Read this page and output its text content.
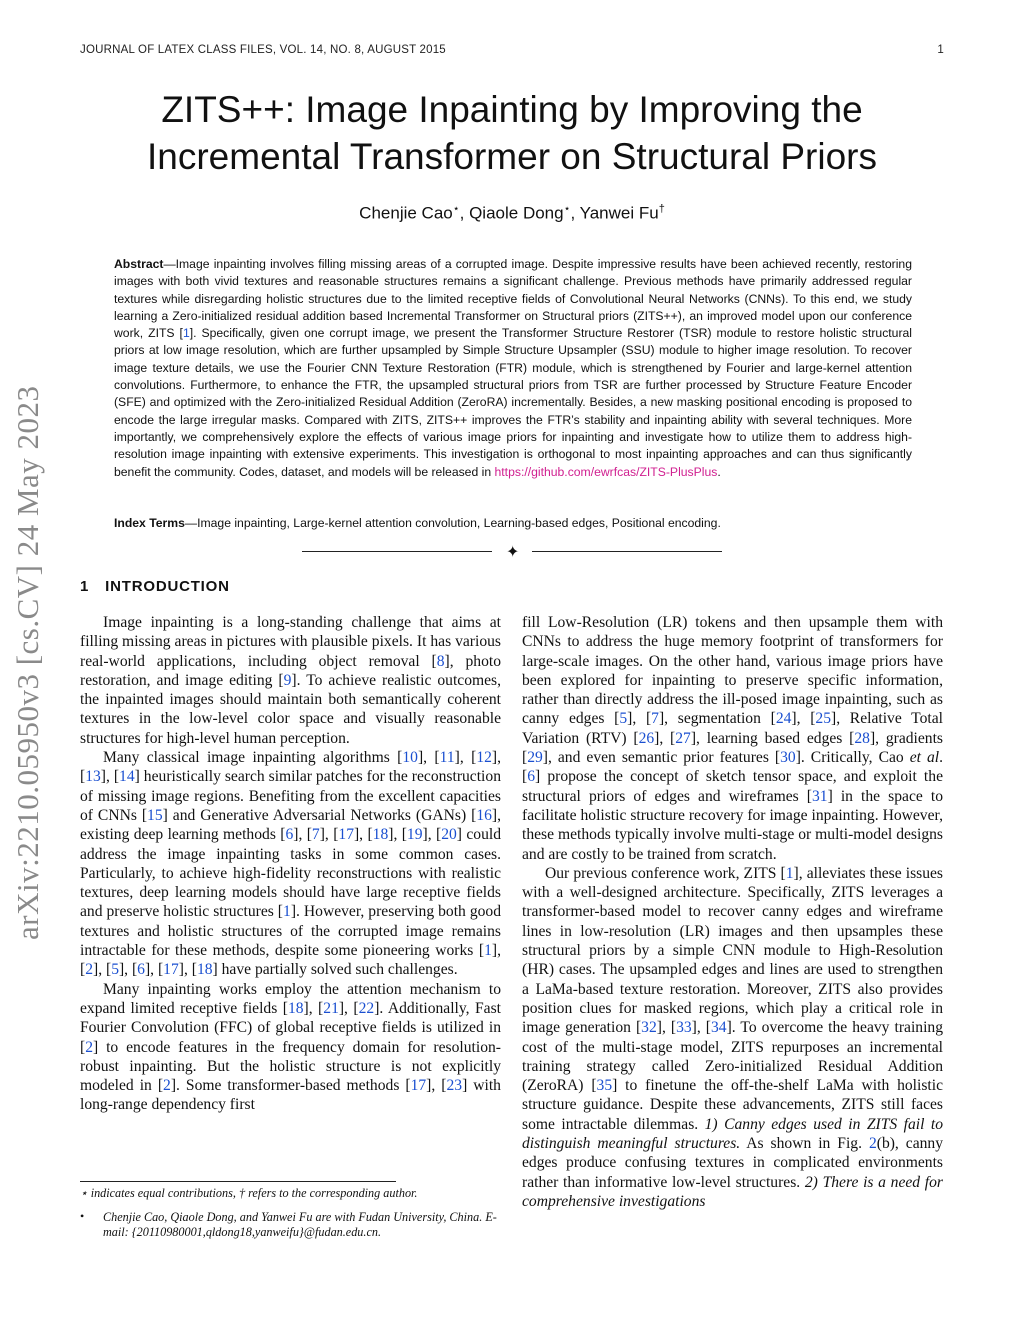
JOURNAL OF LATEX CLASS FILES, VOL. 14, NO. 8, AUGUST 2015	1
arXiv:2210.05950v3 [cs.CV] 24 May 2023
ZITS++: Image Inpainting by Improving the
Incremental Transformer on Structural Priors
Chenjie Cao⋆, Qiaole Dong⋆, Yanwei Fu†

Abstract—Image inpainting involves filling missing areas of a corrupted image. Despite impressive results have been achieved recently, restoring images with both vivid textures and reasonable structures remains a significant challenge. Previous methods have primarily addressed regular textures while disregarding holistic structures due to the limited receptive fields of Convolutional Neural Networks (CNNs). To this end, we study learning a Zero-initialized residual addition based Incremental Transformer on Structural priors (ZITS++), an improved model upon our conference work, ZITS [1]. Specifically, given one corrupt image, we present the Transformer Structure Restorer (TSR) module to restore holistic structural priors at low image resolution, which are further upsampled by Simple Structure Upsampler (SSU) module to higher image resolution. To recover image texture details, we use the Fourier CNN Texture Restoration (FTR) module, which is strengthened by Fourier and large-kernel attention convolutions. Furthermore, to enhance the FTR, the upsampled structural priors from TSR are further processed by Structure Feature Encoder (SFE) and optimized with the Zero-initialized Residual Addition (ZeroRA) incrementally. Besides, a new masking positional encoding is proposed to encode the large irregular masks. Compared with ZITS, ZITS++ improves the FTR’s stability and inpainting ability with several techniques. More importantly, we comprehensively explore the effects of various image priors for inpainting and investigate how to utilize them to address high-resolution image inpainting with extensive experiments. This investigation is orthogonal to most inpainting approaches and can thus significantly benefit the community. Codes, dataset, and models will be released in https://github.com/ewrfcas/ZITS-PlusPlus.

Index Terms—Image inpainting, Large-kernel attention convolution, Learning-based edges, Positional encoding.

✦
1 INTRODUCTION

Image inpainting is a long-standing challenge that aims at filling missing areas in pictures with plausible pixels. It has various real-world applications, including object removal [8], photo restoration, and image editing [9]. To achieve realistic outcomes, the inpainted images should maintain both semantically coherent textures in the low-level color space and visually reasonable structures for high-level human perception.

Many classical image inpainting algorithms [10], [11], [12], [13], [14] heuristically search similar patches for the reconstruction of missing image regions. Benefiting from the excellent capacities of CNNs [15] and Generative Adversarial Networks (GANs) [16], existing deep learning methods [6], [7], [17], [18], [19], [20] could address the image inpainting tasks in some common cases. Particularly, to achieve high-fidelity reconstructions with realistic textures, deep learning models should have large receptive fields and preserve holistic structures [1]. However, preserving both good textures and holistic structures of the corrupted image remains intractable for these methods, despite some pioneering works [1], [2], [5], [6], [17], [18] have partially solved such challenges.

Many inpainting works employ the attention mechanism to expand limited receptive fields [18], [21], [22]. Additionally, Fast Fourier Convolution (FFC) of global receptive fields is utilized in [2] to encode features in the frequency domain for resolution-robust inpainting. But the holistic structure is not explicitly modeled in [2]. Some transformer-based methods [17], [23] with long-range dependency first

fill Low-Resolution (LR) tokens and then upsample them with CNNs to address the huge memory footprint of transformers for large-scale images. On the other hand, various image priors have been explored for inpainting to preserve specific information, rather than directly address the ill-posed image inpainting, such as canny edges [5], [7], segmentation [24], [25], Relative Total Variation (RTV) [26], [27], learning based edges [28], gradients [29], and even semantic prior features [30]. Critically, Cao et al. [6] propose the concept of sketch tensor space, and exploit the structural priors of edges and wireframes [31] in the space to facilitate holistic structure recovery for image inpainting. However, these methods typically involve multi-stage or multi-model designs and are costly to be trained from scratch.

Our previous conference work, ZITS [1], alleviates these issues with a well-designed architecture. Specifically, ZITS leverages a transformer-based model to recover canny edges and wireframe lines in low-resolution (LR) images and then upsamples these structural priors by a simple CNN module to High-Resolution (HR) cases. The upsampled edges and lines are used to strengthen a LaMa-based texture restoration. Moreover, ZITS also provides position clues for masked regions, which play a critical role in image generation [32], [33], [34]. To overcome the heavy training cost of the multi-stage model, ZITS repurposes an incremental training strategy called Zero-initialized Residual Addition (ZeroRA) [35] to finetune the off-the-shelf LaMa with holistic structure guidance. Despite these advancements, ZITS still faces some intractable dilemmas. 1) Canny edges used in ZITS fail to distinguish meaningful structures. As shown in Fig. 2(b), canny edges produce confusing textures in complicated environments rather than informative low-level structures. 2) There is a need for comprehensive investigations

⋆ indicates equal contributions, † refers to the corresponding author.

• Chenjie Cao, Qiaole Dong, and Yanwei Fu are with Fudan University, China. E-mail: {20110980001,qldong18,yanweifu}@fudan.edu.cn.
